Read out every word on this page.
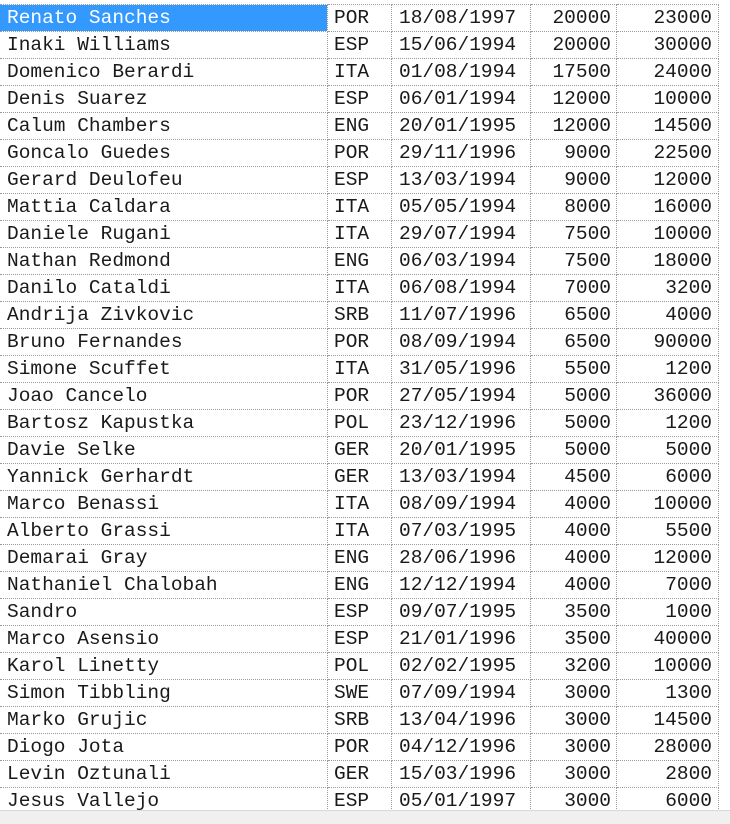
Renato Sanches	POR	18/08/1997	20000	23000
Inaki Williams	ESP	15/06/1994	20000	30000
Domenico Berardi	ITA	01/08/1994	17500	24000
Denis Suarez	ESP	06/01/1994	12000	10000
Calum Chambers	ENG	20/01/1995	12000	14500
Goncalo Guedes	POR	29/11/1996	9000	22500
Gerard Deulofeu	ESP	13/03/1994	9000	12000
Mattia Caldara	ITA	05/05/1994	8000	16000
Daniele Rugani	ITA	29/07/1994	7500	10000
Nathan Redmond	ENG	06/03/1994	7500	18000
Danilo Cataldi	ITA	06/08/1994	7000	3200
Andrija Zivkovic	SRB	11/07/1996	6500	4000
Bruno Fernandes	POR	08/09/1994	6500	90000
Simone Scuffet	ITA	31/05/1996	5500	1200
Joao Cancelo	POR	27/05/1994	5000	36000
Bartosz Kapustka	POL	23/12/1996	5000	1200
Davie Selke	GER	20/01/1995	5000	5000
Yannick Gerhardt	GER	13/03/1994	4500	6000
Marco Benassi	ITA	08/09/1994	4000	10000
Alberto Grassi	ITA	07/03/1995	4000	5500
Demarai Gray	ENG	28/06/1996	4000	12000
Nathaniel Chalobah	ENG	12/12/1994	4000	7000
Sandro	ESP	09/07/1995	3500	1000
Marco Asensio	ESP	21/01/1996	3500	40000
Karol Linetty	POL	02/02/1995	3200	10000
Simon Tibbling	SWE	07/09/1994	3000	1300
Marko Grujic	SRB	13/04/1996	3000	14500
Diogo Jota	POR	04/12/1996	3000	28000
Levin Oztunali	GER	15/03/1996	3000	2800
Jesus Vallejo	ESP	05/01/1997	3000	6000
